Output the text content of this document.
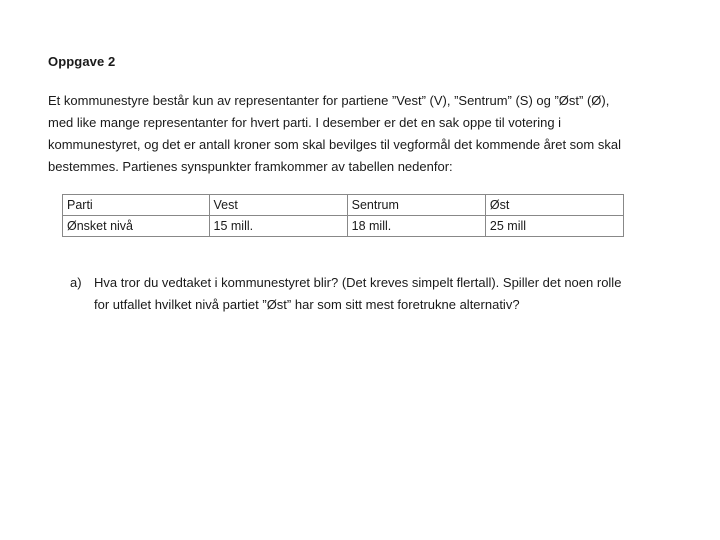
Oppgave 2
Et kommunestyre består kun av representanter for partiene ”Vest” (V), ”Sentrum” (S) og ”Øst” (Ø),
med like mange representanter for hvert parti. I desember er det en sak oppe til votering i
kommunestyret, og det er antall kroner som skal bevilges til vegformål det kommende året som skal
bestemmes. Partienes synspunkter framkommer av tabellen nedenfor:
Parti	Vest	Sentrum	Øst
Ønsket nivå	15 mill.	18 mill.	25 mill
a) Hva tror du vedtaket i kommunestyret blir? (Det kreves simpelt flertall). Spiller det noen rolle
for utfallet hvilket nivå partiet ”Øst” har som sitt mest foretrukne alternativ?
